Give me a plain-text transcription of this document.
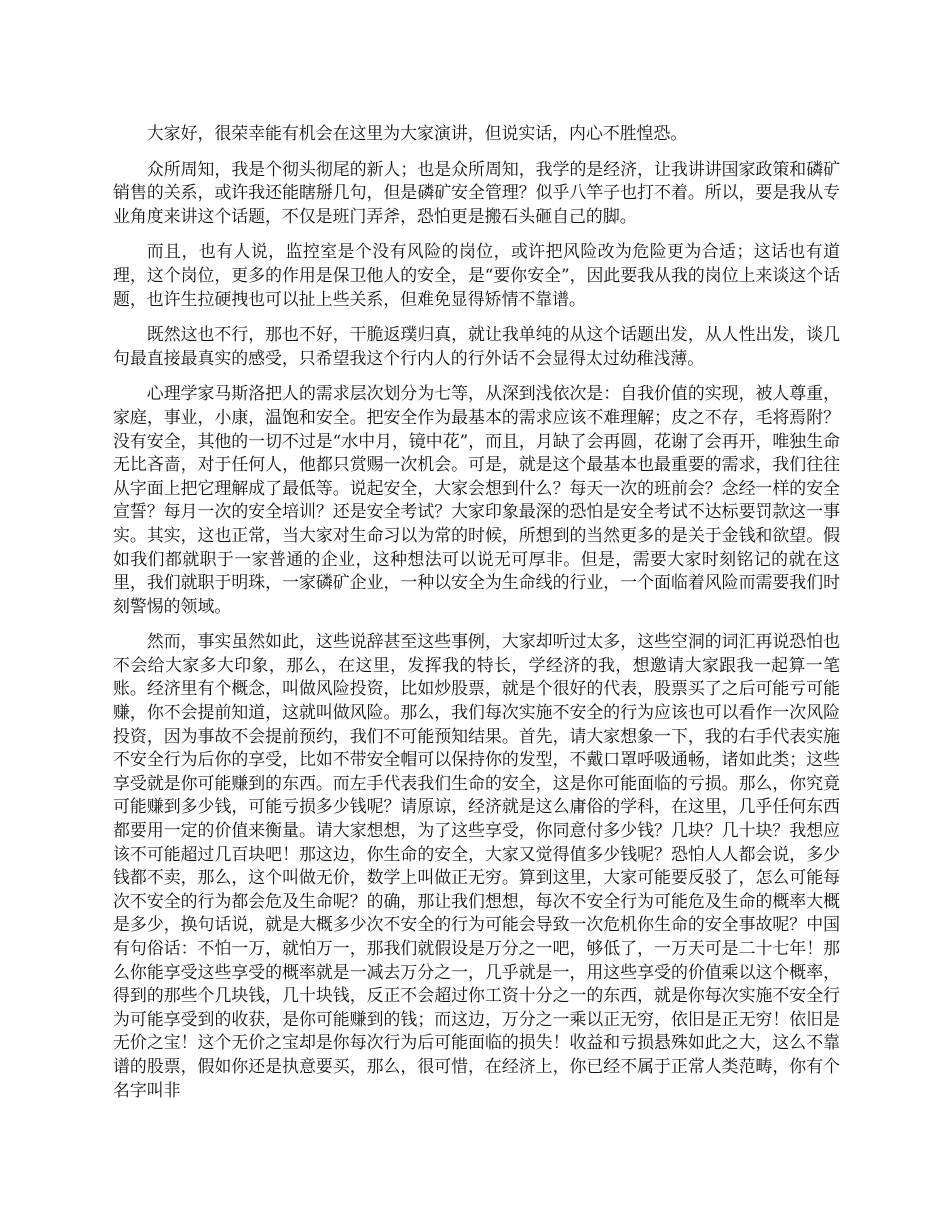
大家好，很荣幸能有机会在这里为大家演讲，但说实话，内心不胜惶恐。

众所周知，我是个彻头彻尾的新人；也是众所周知，我学的是经济，让我讲讲国家政策和磷矿销售的关系，或许我还能瞎掰几句，但是磷矿安全管理？似乎八竿子也打不着。所以，要是我从专业角度来讲这个话题，不仅是班门弄斧，恐怕更是搬石头砸自己的脚。

而且，也有人说，监控室是个没有风险的岗位，或许把风险改为危险更为合适；这话也有道理，这个岗位，更多的作用是保卫他人的安全，是“要你安全”，因此要我从我的岗位上来谈这个话题，也许生拉硬拽也可以扯上些关系，但难免显得矫情不靠谱。

既然这也不行，那也不好，干脆返璞归真，就让我单纯的从这个话题出发，从人性出发，谈几句最直接最真实的感受，只希望我这个行内人的行外话不会显得太过幼稚浅薄。

心理学家马斯洛把人的需求层次划分为七等，从深到浅依次是：自我价值的实现，被人尊重，家庭，事业，小康，温饱和安全。把安全作为最基本的需求应该不难理解；皮之不存，毛将焉附？没有安全，其他的一切不过是“水中月，镜中花”，而且，月缺了会再圆，花谢了会再开，唯独生命无比吝啬，对于任何人，他都只赏赐一次机会。可是，就是这个最基本也最重要的需求，我们往往从字面上把它理解成了最低等。说起安全，大家会想到什么？每天一次的班前会？念经一样的安全宣誓？每月一次的安全培训？还是安全考试？大家印象最深的恐怕是安全考试不达标要罚款这一事实。其实，这也正常，当大家对生命习以为常的时候，所想到的当然更多的是关于金钱和欲望。假如我们都就职于一家普通的企业，这种想法可以说无可厚非。但是，需要大家时刻铭记的就在这里，我们就职于明珠，一家磷矿企业，一种以安全为生命线的行业，一个面临着风险而需要我们时刻警惕的领域。

然而，事实虽然如此，这些说辞甚至这些事例，大家却听过太多，这些空洞的词汇再说恐怕也不会给大家多大印象，那么，在这里，发挥我的特长，学经济的我，想邀请大家跟我一起算一笔账。经济里有个概念，叫做风险投资，比如炒股票，就是个很好的代表，股票买了之后可能亏可能赚，你不会提前知道，这就叫做风险。那么，我们每次实施不安全的行为应该也可以看作一次风险投资，因为事故不会提前预约，我们不可能预知结果。首先，请大家想象一下，我的右手代表实施不安全行为后你的享受，比如不带安全帽可以保持你的发型，不戴口罩呼吸通畅，诸如此类；这些享受就是你可能赚到的东西。而左手代表我们生命的安全，这是你可能面临的亏损。那么，你究竟可能赚到多少钱，可能亏损多少钱呢？请原谅，经济就是这么庸俗的学科，在这里，几乎任何东西都要用一定的价值来衡量。请大家想想，为了这些享受，你同意付多少钱？几块？几十块？我想应该不可能超过几百块吧！那这边，你生命的安全，大家又觉得值多少钱呢？恐怕人人都会说，多少钱都不卖，那么，这个叫做无价，数学上叫做正无穷。算到这里，大家可能要反驳了，怎么可能每次不安全的行为都会危及生命呢？的确，那让我们想想，每次不安全行为可能危及生命的概率大概是多少，换句话说，就是大概多少次不安全的行为可能会导致一次危机你生命的安全事故呢？中国有句俗话：不怕一万，就怕万一，那我们就假设是万分之一吧，够低了，一万天可是二十七年！那么你能享受这些享受的概率就是一减去万分之一，几乎就是一，用这些享受的价值乘以这个概率，得到的那些个几块钱，几十块钱，反正不会超过你工资十分之一的东西，就是你每次实施不安全行为可能享受到的收获，是你可能赚到的钱；而这边，万分之一乘以正无穷，依旧是正无穷！依旧是无价之宝！这个无价之宝却是你每次行为后可能面临的损失！收益和亏损悬殊如此之大，这么不靠谱的股票，假如你还是执意要买，那么，很可惜，在经济上，你已经不属于正常人类范畴，你有个名字叫非
